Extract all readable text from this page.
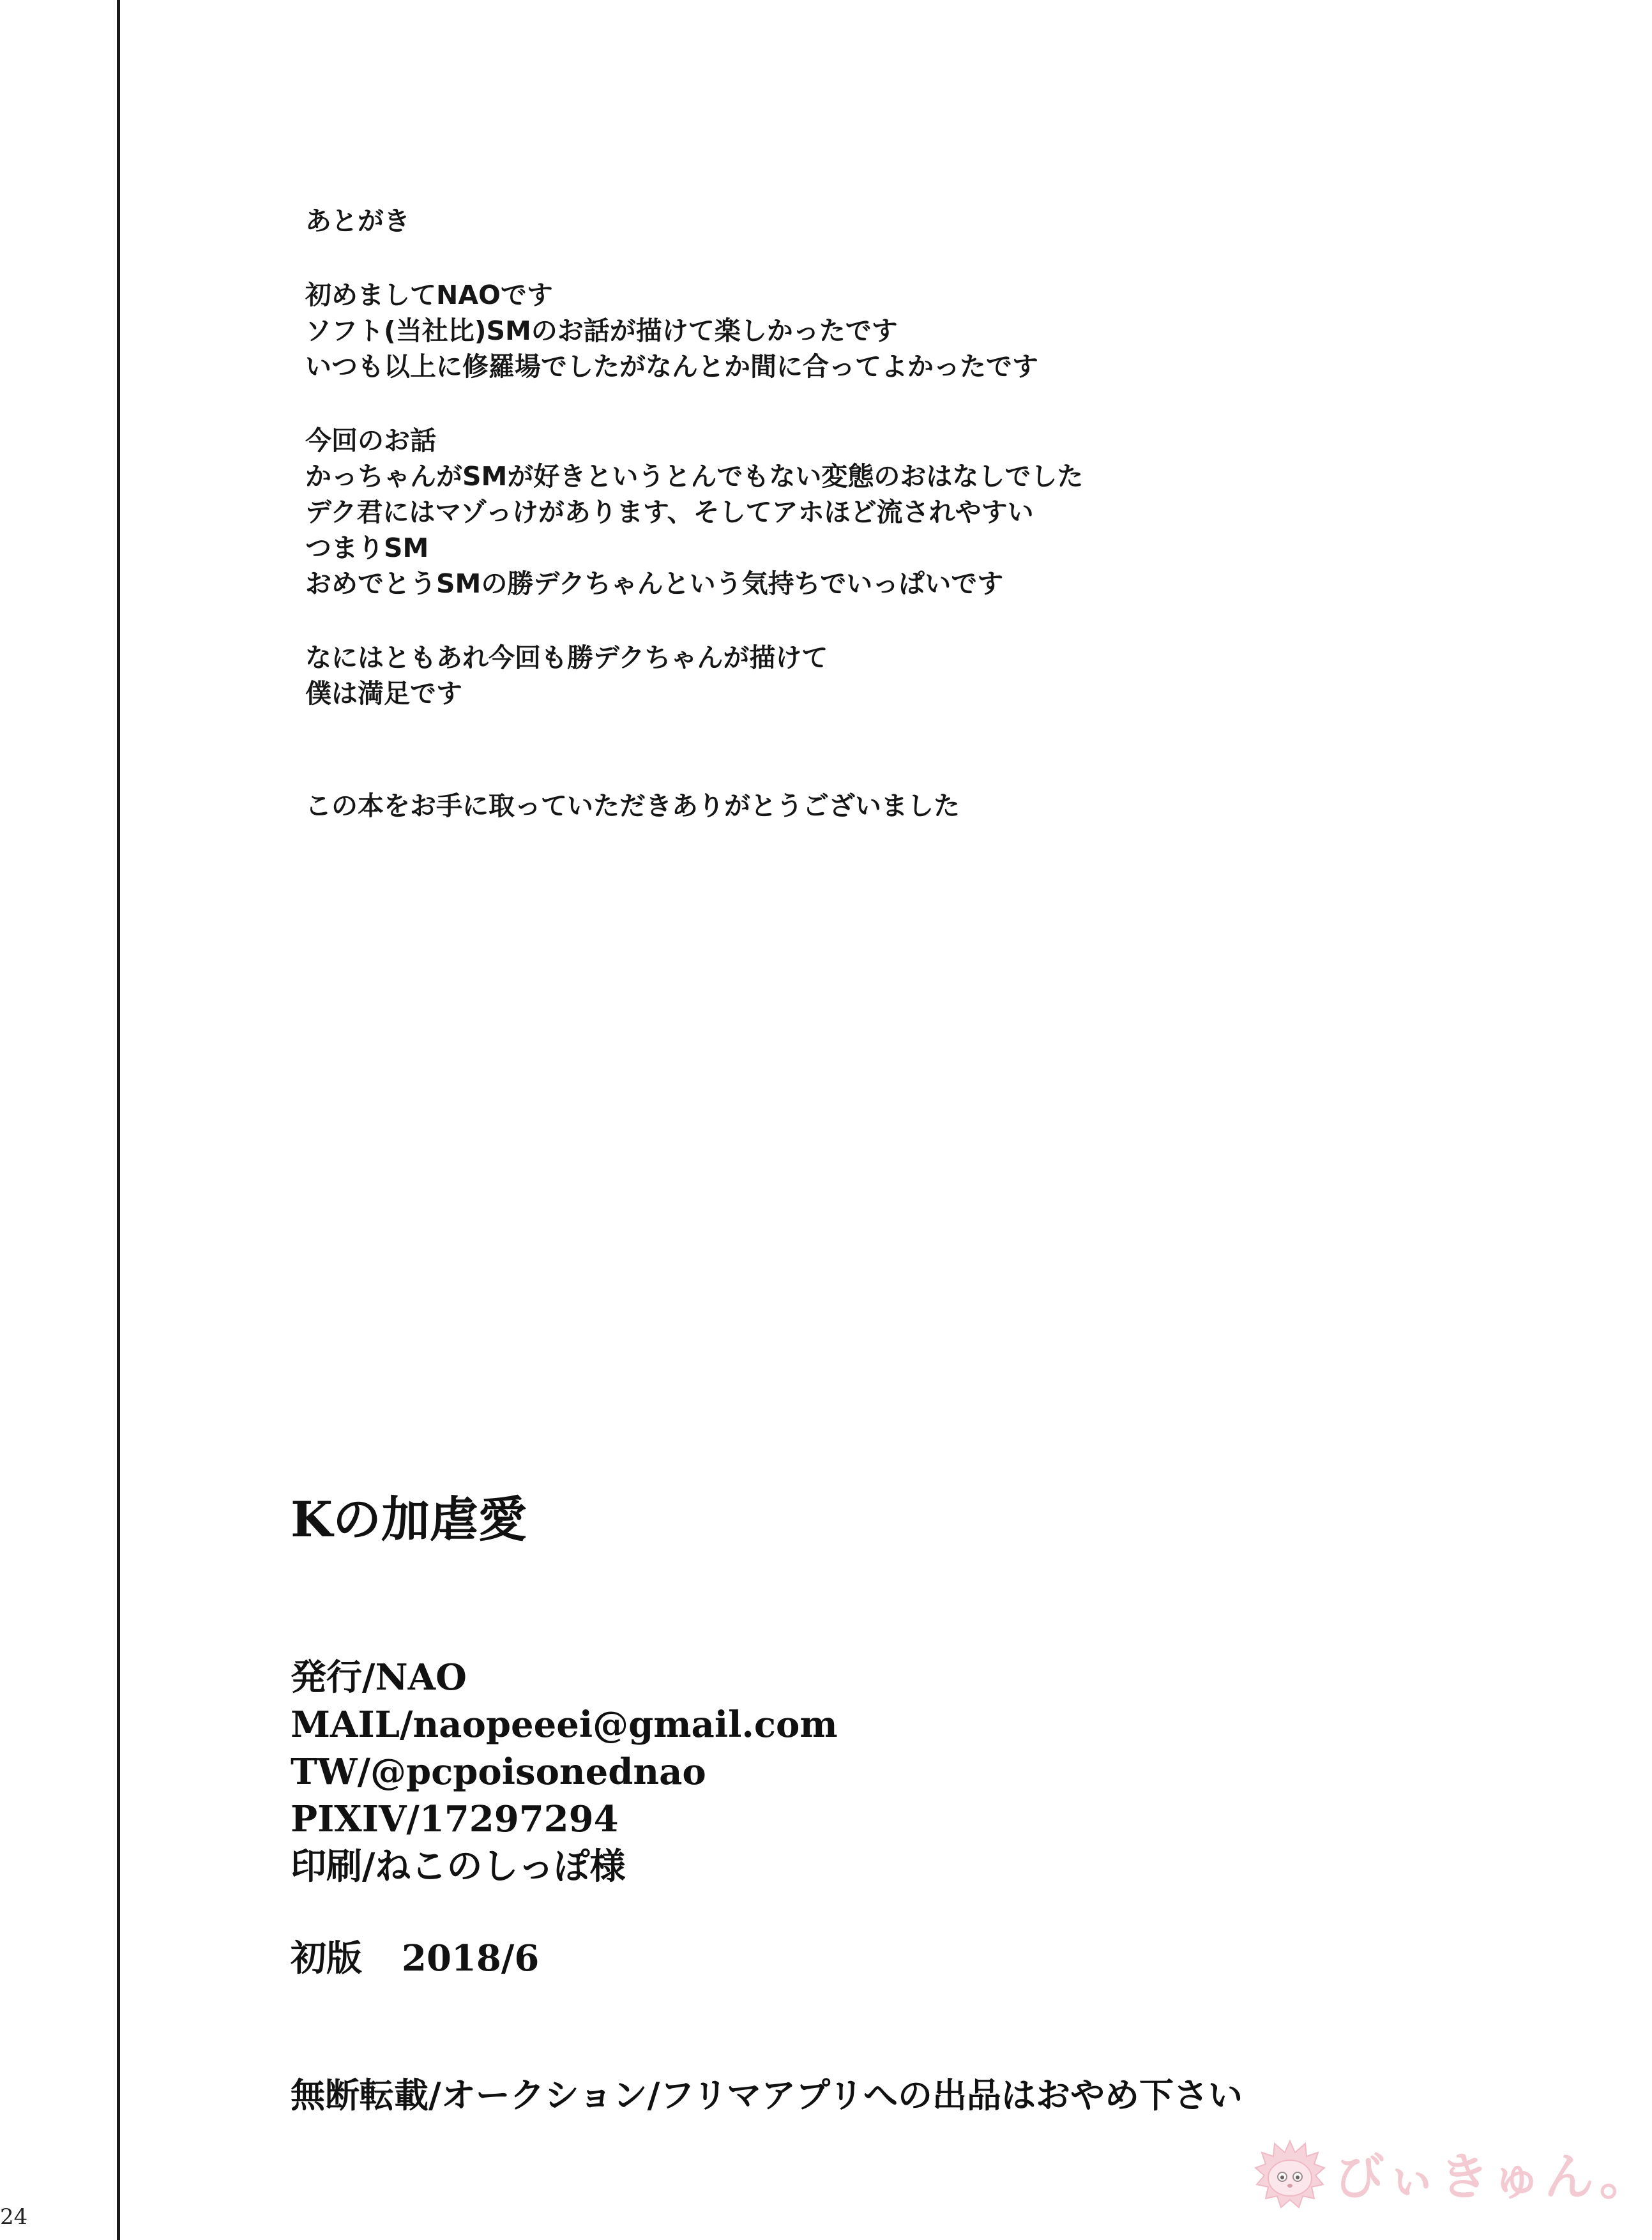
あとがき

初めましてNAOです

ソフト(当社比)SMのお話が描けて楽しかったです

いつも以上に修羅場でしたがなんとか間に合ってよかったです

今回のお話

かっちゃんがSMが好きというとんでもない変態のおはなしでした

デク君にはマゾっけがあります、そしてアホほど流されやすい

つまりSM

おめでとうSMの勝デクちゃんという気持ちでいっぱいです

なにはともあれ今回も勝デクちゃんが描けて

僕は満足です

この本をお手に取っていただきありがとうございました

Kの加虐愛

発行/NAO

MAIL/naopeeei@gmail.com

TW/@pcpoisonednao

PIXIV/17297294

印刷/ねこのしっぽ様

初版 2018/6
無断転載/オークション/フリマアプリへの出品はおやめ下さい
24
びぃきゅん。
